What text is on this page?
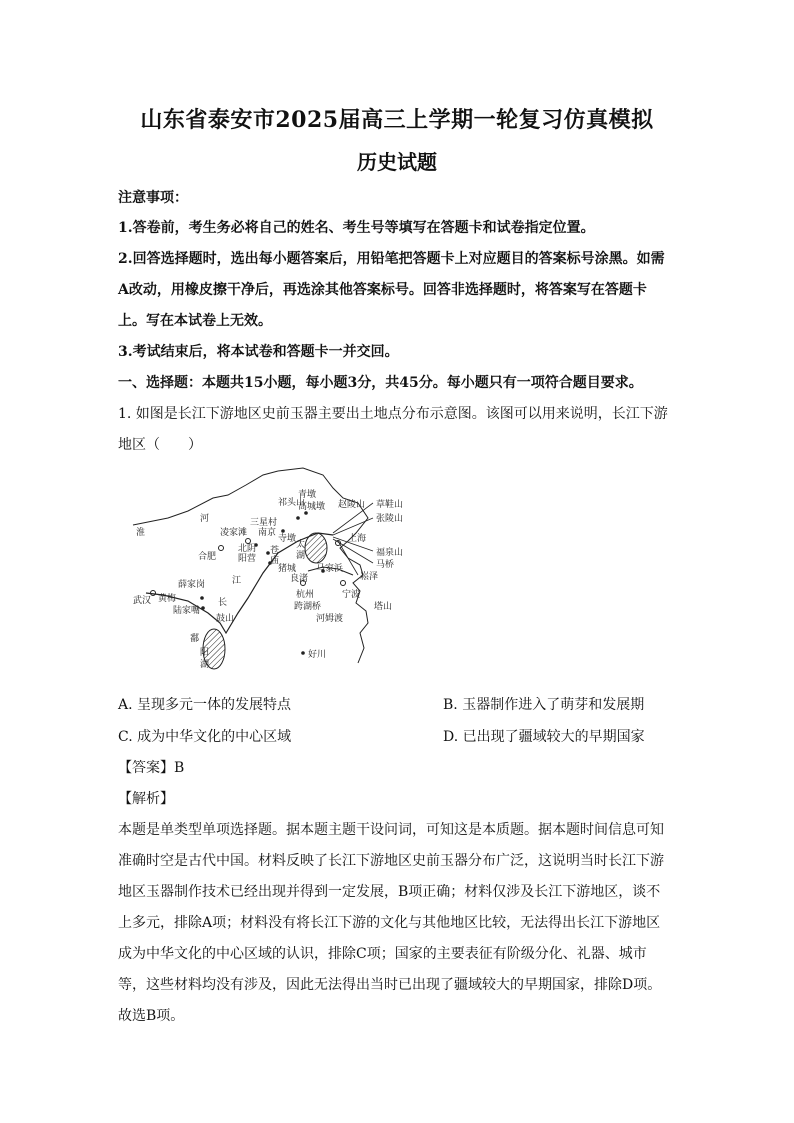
山东省泰安市2025届高三上学期一轮复习仿真模拟
历史试题
注意事项：
1.答卷前，考生务必将自己的姓名、考生号等填写在答题卡和试卷指定位置。
2.回答选择题时，选出每小题答案后，用铅笔把答题卡上对应题目的答案标号涂黑。如需
A改动，用橡皮擦干净后，再选涂其他答案标号。回答非选择题时，将答案写在答题卡
上。写在本试卷上无效。
3.考试结束后，将本试卷和答题卡一并交回。
一、选择题：本题共15小题，每小题3分，共45分。每小题只有一项符合题目要求。
1. 如图是长江下游地区史前玉器主要出土地点分布示意图。该图可以用来说明，长江下游
地区（　　）
淮
河
江
长
武汉
合肥
凌家滩
北阴
阳营
南京
三星村
寺墩
高城墩
祁头山
青墩
赵陵山 草鞋山
张陵山
上海
福泉山
马桥
崧泽
太
湖
苍
庙
猪城
良渚
马家浜
杭州
跨湖桥
宁波
河姆渡
塔山
好川
薛家岗
黄梅
陆家嘴
鼓山
鄱
阳
湖
A. 呈现多元一体的发展特点	B. 玉器制作进入了萌芽和发展期
C. 成为中华文化的中心区域	D. 已出现了疆域较大的早期国家
【答案】B
【解析】
本题是单类型单项选择题。据本题主题干设问词，可知这是本质题。据本题时间信息可知
准确时空是古代中国。材料反映了长江下游地区史前玉器分布广泛，这说明当时长江下游
地区玉器制作技术已经出现并得到一定发展，B项正确；材料仅涉及长江下游地区，谈不
上多元，排除A项；材料没有将长江下游的文化与其他地区比较，无法得出长江下游地区
成为中华文化的中心区域的认识，排除C项；国家的主要表征有阶级分化、礼器、城市
等，这些材料均没有涉及，因此无法得出当时已出现了疆域较大的早期国家，排除D项。
故选B项。
